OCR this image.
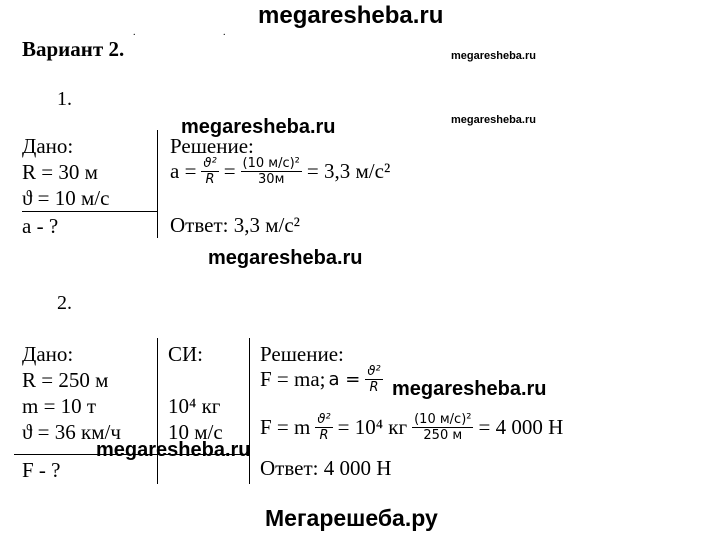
megaresheba.ru
.	.
Вариант 2.	megaresheba.ru
1.
megaresheba.ru
megaresheba.ru
Дано:
R = 30 м
ϑ = 10 м/с
a - ?
Решение:
$a = \frac{\text{ϑ²}}{R} = \frac{\text{(10 м/с)²}}{30м} = 3,3$ м/с²
Ответ: 3,3 м/с²
megaresheba.ru
2.
Дано:
R = 250 м
m = 10 т
ϑ = 36 км/ч
F - ?
СИ:
10⁴ кг
10 м/с
Решение:
F = ma; $a = \frac{\text{ϑ²}}{R}$ megaresheba.ru
F = m $\frac{\text{ϑ²}}{R} = 10^4$ кг $\frac{\text{(10 м/с)²}}{250 м} = 4$ 000 Н
megaresheba.ru
Ответ: 4 000 Н
Мегарешеба.ру
